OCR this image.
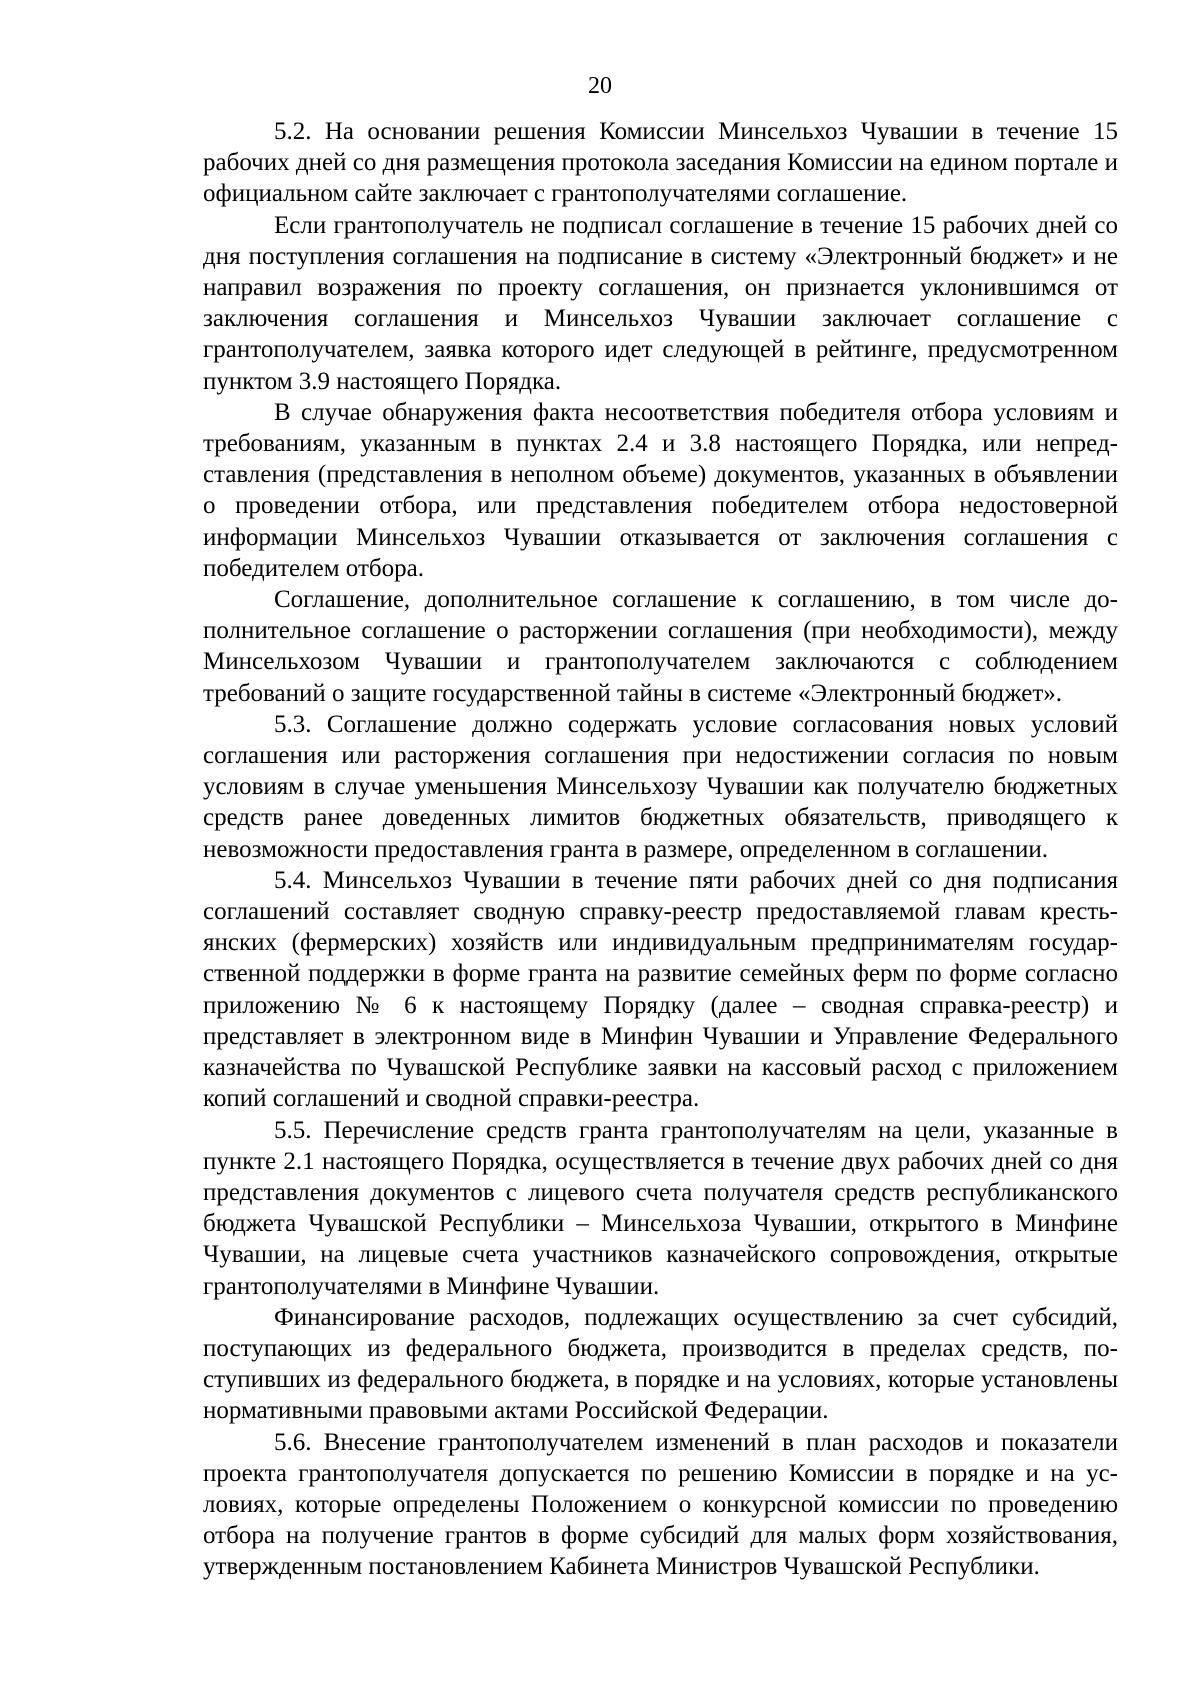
20

5.2. На основании решения Комиссии Минсельхоз Чувашии в течение 15 рабочих дней со дня размещения протокола заседания Комиссии на едином портале и официальном сайте заключает с грантополучателями соглашение.

Если грантополучатель не подписал соглашение в течение 15 рабочих дней со дня поступления соглашения на подписание в систему «Электронный бюджет» и не направил возражения по проекту соглашения, он признается уклонившимся от заключения соглашения и Минсельхоз Чувашии заключает соглашение с грантополучателем, заявка которого идет следующей в рейтинге, предусмотренном пунктом 3.9 настоящего Порядка.

В случае обнаружения факта несоответствия победителя отбора условиям и требованиям, указанным в пунктах 2.4 и 3.8 настоящего Порядка, или непредставления (представления в неполном объеме) документов, указанных в объявлении о проведении отбора, или представления победителем отбора недостоверной информации Минсельхоз Чувашии отказывается от заключения соглашения с победителем отбора.

Соглашение, дополнительное соглашение к соглашению, в том числе дополнительное соглашение о расторжении соглашения (при необходимости), между Минсельхозом Чувашии и грантополучателем заключаются с соблюдением требований о защите государственной тайны в системе «Электронный бюджет».

5.3. Соглашение должно содержать условие согласования новых условий соглашения или расторжения соглашения при недостижении согласия по новым условиям в случае уменьшения Минсельхозу Чувашии как получателю бюджетных средств ранее доведенных лимитов бюджетных обязательств, приводящего к невозможности предоставления гранта в размере, определенном в соглашении.

5.4. Минсельхоз Чувашии в течение пяти рабочих дней со дня подписания соглашений составляет сводную справку-реестр предоставляемой главам крестьянских (фермерских) хозяйств или индивидуальным предпринимателям государственной поддержки в форме гранта на развитие семейных ферм по форме согласно приложению № 6 к настоящему Порядку (далее – сводная справка-реестр) и представляет в электронном виде в Минфин Чувашии и Управление Федерального казначейства по Чувашской Республике заявки на кассовый расход с приложением копий соглашений и сводной справки-реестра.

5.5. Перечисление средств гранта грантополучателям на цели, указанные в пункте 2.1 настоящего Порядка, осуществляется в течение двух рабочих дней со дня представления документов с лицевого счета получателя средств республиканского бюджета Чувашской Республики – Минсельхоза Чувашии, открытого в Минфине Чувашии, на лицевые счета участников казначейского сопровождения, открытые грантополучателями в Минфине Чувашии.

Финансирование расходов, подлежащих осуществлению за счет субсидий, поступающих из федерального бюджета, производится в пределах средств, поступивших из федерального бюджета, в порядке и на условиях, которые установлены нормативными правовыми актами Российской Федерации.

5.6. Внесение грантополучателем изменений в план расходов и показатели проекта грантополучателя допускается по решению Комиссии в порядке и на условиях, которые определены Положением о конкурсной комиссии по проведению отбора на получение грантов в форме субсидий для малых форм хозяйствования, утвержденным постановлением Кабинета Министров Чувашской Республики.
